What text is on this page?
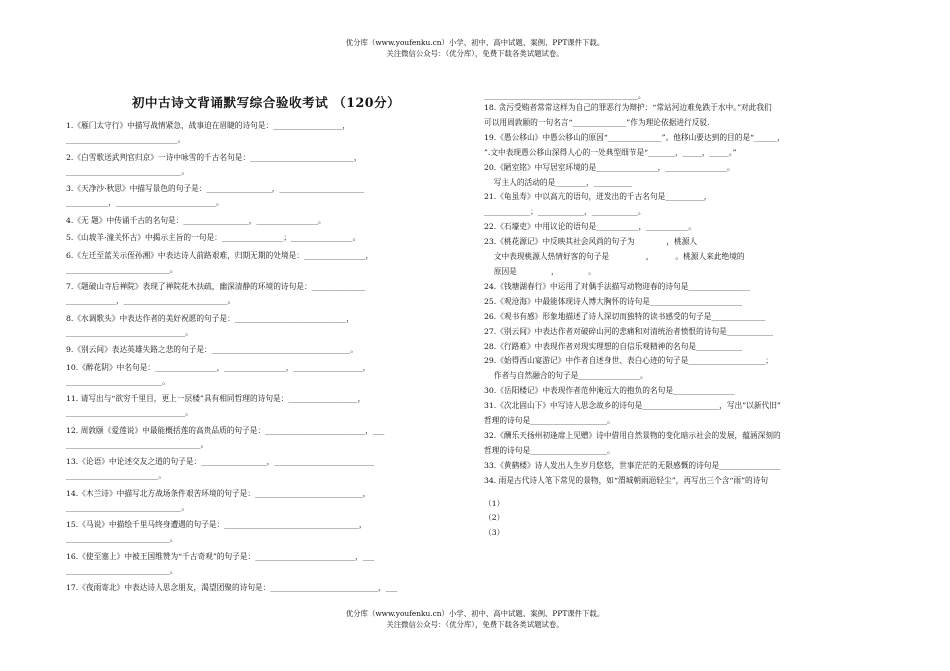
优分库（www.youfenku.cn）小学、初中、高中试题、案例、PPT课件下载。
关注微信公众号：（优分库），免费下载各类试题试卷。
初中古诗文背诵默写综合验收考试 （120分）
1.《雁门太守行》中描写战情紧急，战事迫在眉睫的诗句是：__________________，
_____________________________。
2.《白雪歌送武判官归京》一诗中咏雪的千古名句是：___________________________，
______________________________。
3.《天净沙·秋思》中描写景色的句子是：_________________，______________________
___________，__________________________。
4.《无 题》中传诵千古的名句是：_________________，________________。
5.《山坡羊·潼关怀古》中揭示主旨的一句是：________________；________________。
6.《左迁至蓝关示侄孙湘》中表达诗人前路艰难，归期无期的处境是：________________，
___________________________。
7.《题破山寺后禅院》表现了禅院花木扶疏，幽深清静的环境的诗句是：______________
_____________，___________________________。
8.《水调歌头》中表达作者的美好祝愿的句子是：_____________________________，
_______________________________。
9.《别云间》表达英雄失路之悲的句子是：____________________________________。
10.《醉花阴》中名句是：________________，________________，__________________，
_________________________。
11. 请写出与“欲穷千里目，更上一层楼”具有相同哲理的诗句是：__________________，
_______________________________。
12. 周敦颐《爱莲说》中最能概括莲的高贵品质的句子是：__________________________，___
___________________________________。
13.《论语》中论述交友之道的句子是：_________________，__________________________
________________________。
14.《木兰诗》中描写北方战场条件艰苦环境的句子是：____________________________，
______________________________。
15.《马说》中描绘千里马终身遭遇的句子是：___________________________________，
___________________________。
16.《使至塞上》中被王国维赞为“千古奇观”的句子是：__________________________，___
___________________________。
17.《夜雨寄北》中表达诗人思念朋友，渴望团聚的诗句是：____________________________，___
________________________________________。
18. 贪污受贿者常常这样为自己的罪恶行为辩护：“常站河边难免跌于水中。”对此我们
可以用周敦颐的一句名言“______________”作为理论依据进行反驳.
19.《愚公移山》中愚公移山的原因“______________”。他移山要达到的目的是“______，
”.文中表现愚公移山深得人心的一处典型细节是“_______，_____，_____。”
20.《陋室铭》中写居室环境的是________________，________________。
写主人的活动的是________，__________
21.《龟虽寿》中以高亢的语句，迸发出的千古名句是__________，
____________；____________，____________。
22.《石壕吏》中用议论的语句是___________，___________。
23.《桃花源记》中反映其社会风尚的句子为             ，桃源人
文中表现桃源人热情好客的句子是               ，         。桃源人来此绝境的
原因是              ，            。
24.《钱塘湖春行》中运用了对偶手法描写动物迎春的诗句是________________
25.《观沧海》中最能体现诗人博大胸怀的诗句是________________________
26.《观书有感》形象地描述了诗人深切而独特的读书感受的句子是______________
27.《别云间》中表达作者对破碎山河的悲痛和对清统治者愤恨的诗句是____________
28.《行路难》中表现作者对现实理想的自信乐观精神的名句是____________
29.《始得西山宴游记》中作者自述身世、表白心迹的句子是____________________；
作者与自然融合的句子是________________。
30.《岳阳楼记》中表现作者范仲淹远大的抱负的名句是________________
31.《次北固山下》中写诗人思念故乡的诗句是____________________，写出”以新代旧”
哲理的诗句是____________________。
32.《酬乐天扬州初逢席上见赠》诗中借用自然景物的变化暗示社会的发展，蕴涵深刻的
哲理的诗句是____________________。
33.《黄鹤楼》诗人发出人生岁月悠悠，世事茫茫的无限感慨的诗句是________________
34. 雨是古代诗人笔下常见的景物，如“渭城朝雨浥轻尘”，再写出三个含“雨”的诗句
（1）
（2）
（3）
优分库（www.youfenku.cn）小学、初中、高中试题、案例、PPT课件下载。
关注微信公众号：（优分库），免费下载各类试题试卷。
